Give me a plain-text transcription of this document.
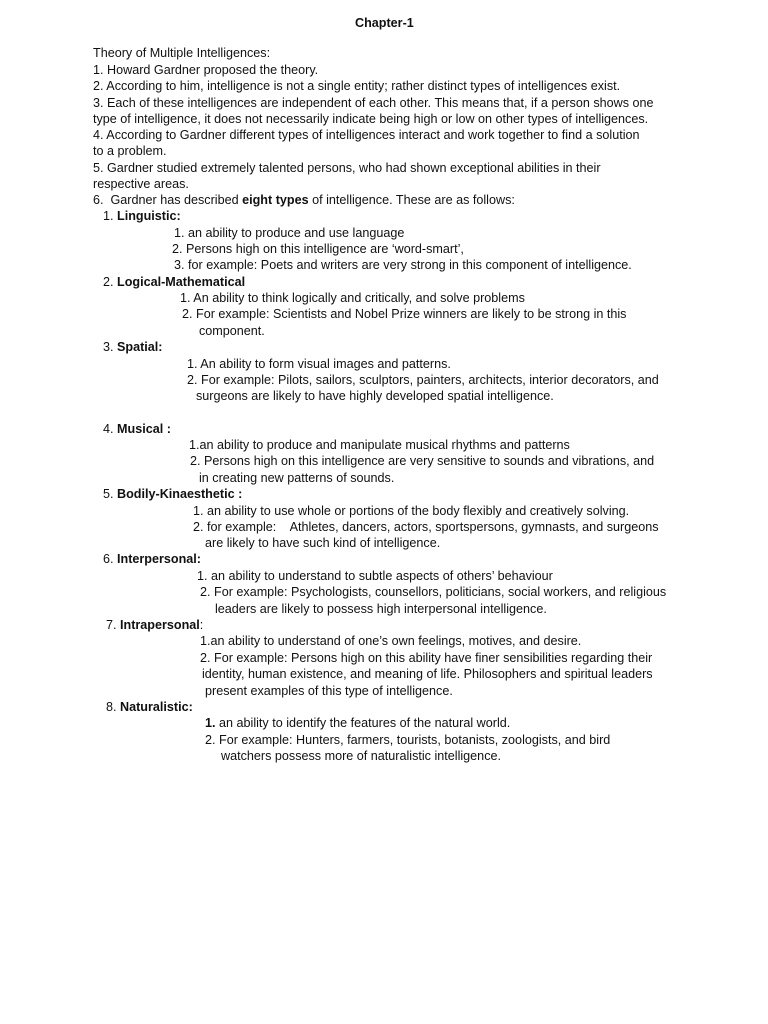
Chapter-1
Theory of Multiple Intelligences:
1. Howard Gardner proposed the theory.
2. According to him, intelligence is not a single entity; rather distinct types of intelligences exist.
3. Each of these intelligences are independent of each other. This means that, if a person shows one
type of intelligence, it does not necessarily indicate being high or low on other types of intelligences.
4. According to Gardner different types of intelligences interact and work together to find a solution
to a problem.
5. Gardner studied extremely talented persons, who had shown exceptional abilities in their
respective areas.
6.  Gardner has described eight types of intelligence. These are as follows:
1. Linguistic:
1. an ability to produce and use language
2. Persons high on this intelligence are ‘word-smart’,
3. for example: Poets and writers are very strong in this component of intelligence.
2. Logical-Mathematical
1. An ability to think logically and critically, and solve problems
2. For example: Scientists and Nobel Prize winners are likely to be strong in this
component.
3. Spatial:
1. An ability to form visual images and patterns.
2. For example: Pilots, sailors, sculptors, painters, architects, interior decorators, and
surgeons are likely to have highly developed spatial intelligence.
4. Musical :
1.an ability to produce and manipulate musical rhythms and patterns
2. Persons high on this intelligence are very sensitive to sounds and vibrations, and
in creating new patterns of sounds.
5. Bodily-Kinaesthetic :
1. an ability to use whole or portions of the body flexibly and creatively solving.
2. for example:    Athletes, dancers, actors, sportspersons, gymnasts, and surgeons
are likely to have such kind of intelligence.
6. Interpersonal:
1. an ability to understand to subtle aspects of others’ behaviour
2. For example: Psychologists, counsellors, politicians, social workers, and religious
leaders are likely to possess high interpersonal intelligence.
7. Intrapersonal:
1.an ability to understand of one’s own feelings, motives, and desire.
2. For example: Persons high on this ability have finer sensibilities regarding their
identity, human existence, and meaning of life. Philosophers and spiritual leaders
present examples of this type of intelligence.
8. Naturalistic:
1. an ability to identify the features of the natural world.
2. For example: Hunters, farmers, tourists, botanists, zoologists, and bird
watchers possess more of naturalistic intelligence.
